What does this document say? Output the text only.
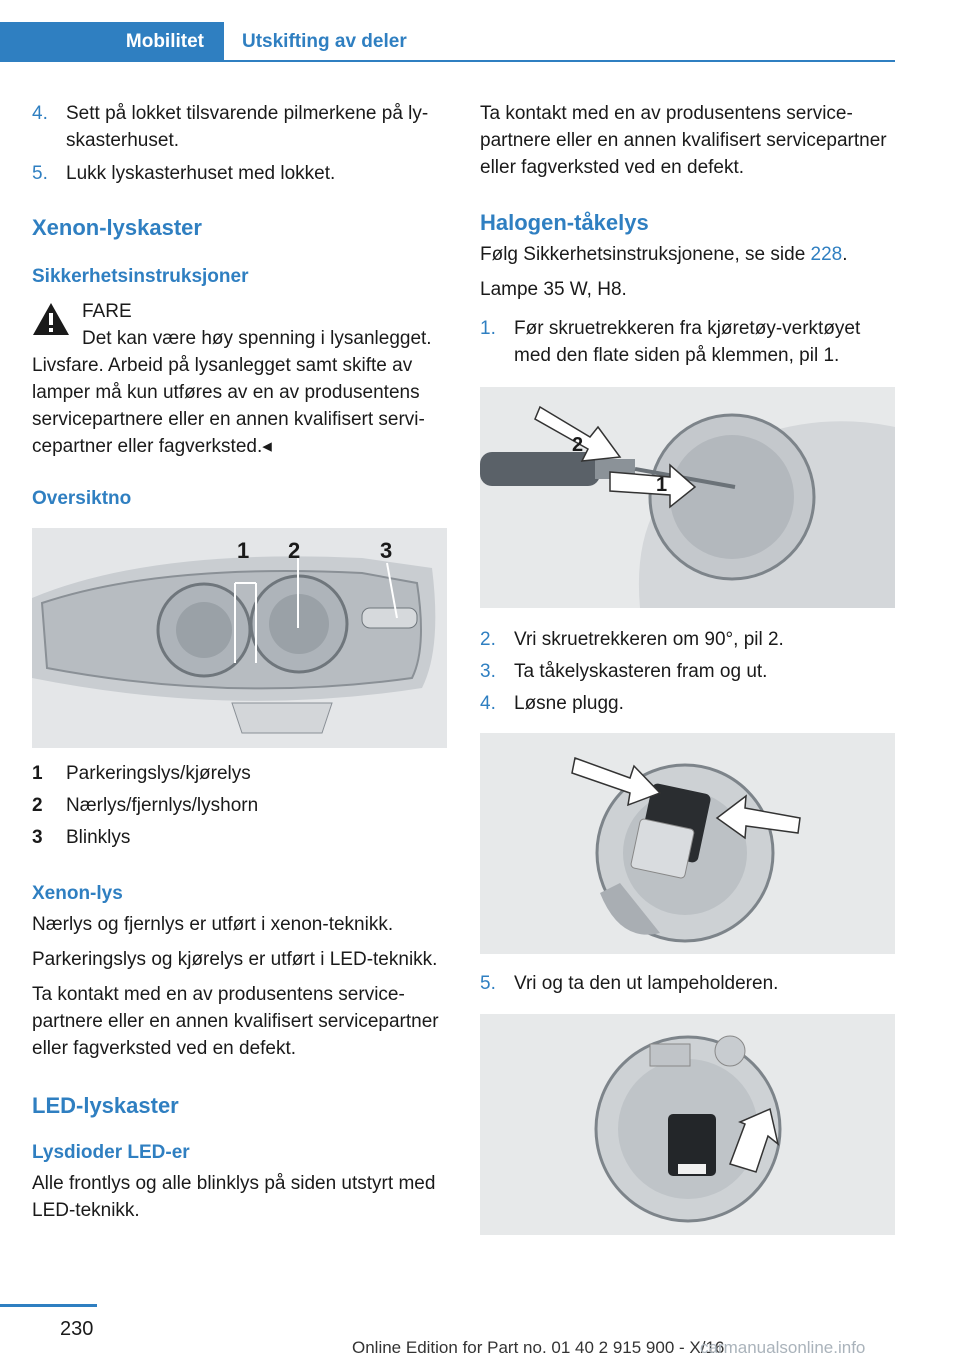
Mobilitet Utskifting av deler
4. Sett på lokket tilsvarende pilmerkene på lyskasterhuset.
5. Lukk lyskasterhuset med lokket.
Xenon-lyskaster
Sikkerhetsinstruksjoner
FARE
Det kan være høy spenning i lysanlegget.

Livsfare. Arbeid på lysanlegget samt skifte av lamper må kun utføres av en av produsentens servicepartnere eller en annen kvalifisert servicepartner eller fagverksted.◂

Oversiktno
1 2	3
1 Parkeringslys/kjørelys
2 Nærlys/fjernlys/lyshorn
3 Blinklys
Xenon-lys

Nærlys og fjernlys er utført i xenon-teknikk.

Parkeringslys og kjørelys er utført i LED-teknikk.

Ta kontakt med en av produsentens servicepartnere eller en annen kvalifisert servicepartner eller fagverksted ved en defekt.

LED-lyskaster
Lysdioder LED-er

Alle frontlys og alle blinklys på siden utstyrt med LED-teknikk.

Ta kontakt med en av produsentens servicepartnere eller en annen kvalifisert servicepartner eller fagverksted ved en defekt.

Halogen-tåkelys

Følg Sikkerhetsinstruksjonene, se side 228.

Lampe 35 W, H8.

1. Før skruetrekkeren fra kjøretøy-verktøyet med den flate siden på klemmen, pil 1.
2
1
2. Vri skruetrekkeren om 90°, pil 2.
3. Ta tåkelyskasteren fram og ut.
4. Løsne plugg.
5. Vri og ta den ut lampeholderen.
230
Online Edition for Part no. 01 40 2 915 900 - X/16
carmanualsonline.info
